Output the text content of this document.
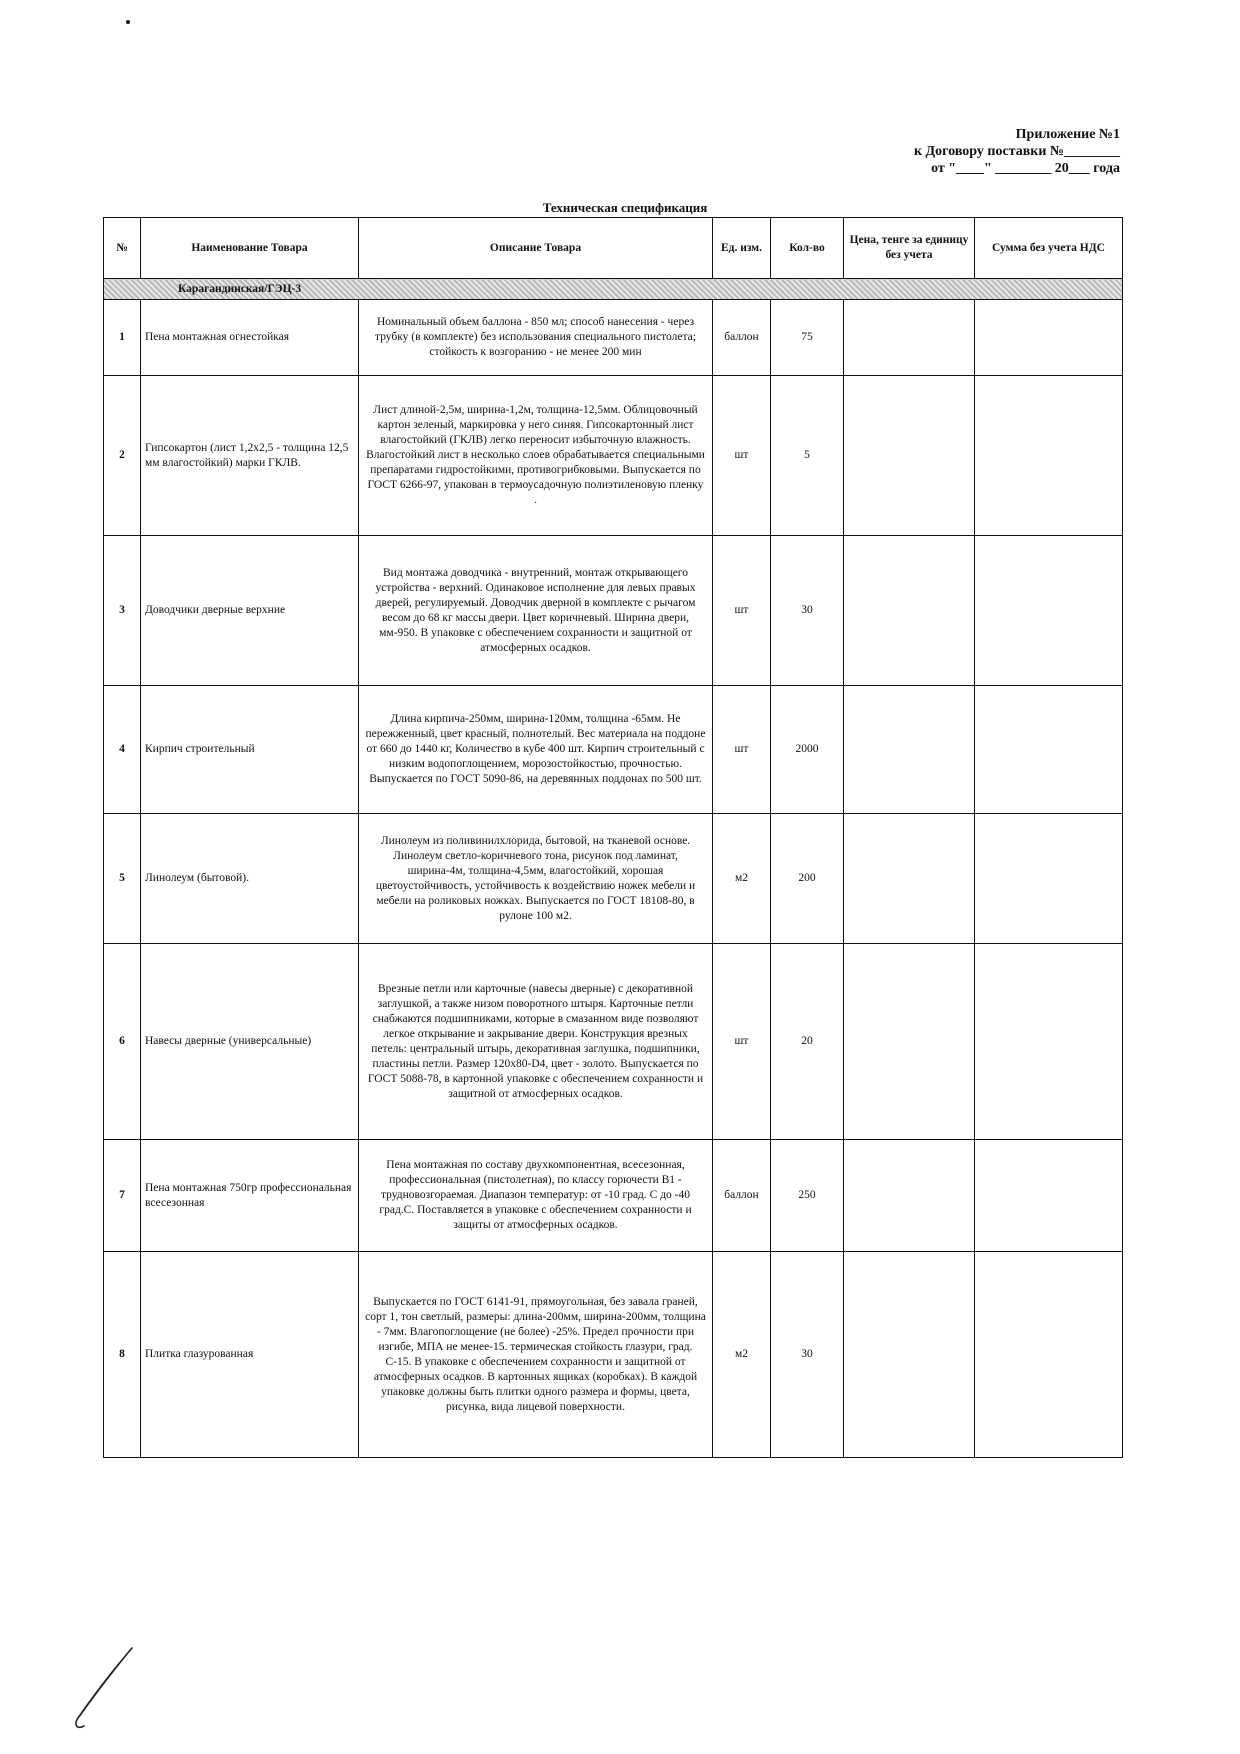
Приложение №1
к Договору поставки №________
от "____" ________ 20___ года
Техническая спецификация
№	Наименование Товара	Описание Товара	Ед. изм.	Кол-во	Цена, тенге за единицу без учета	Сумма без учета НДС
Карагандинская/ГЭЦ-3						
1	Пена монтажная огнестойкая	Номинальный объем баллона - 850 мл; способ нанесения - через трубку (в комплекте) без использования специального пистолета; стойкость к возгоранию - не менее 200 мин	баллон	75		
2	Гипсокартон (лист 1,2х2,5 - толщина 12,5 мм влагостойкий) марки ГКЛВ.	Лист длиной-2,5м, ширина-1,2м, толщина-12,5мм. Облицовочный картон зеленый, маркировка у него синяя. Гипсокартонный лист влагостойкий (ГКЛВ) легко переносит избыточную влажность. Влагостойкий лист в несколько слоев обрабатывается специальными препаратами гидростойкими, противогрибковыми. Выпускается по ГОСТ 6266-97, упакован в термоусадочную полиэтиленовую пленку .	шт	5		
3	Доводчики дверные верхние	Вид монтажа доводчика - внутренний, монтаж открывающего устройства - верхний. Одинаковое исполнение для левых правых дверей, регулируемый. Доводчик дверной в комплекте с рычагом весом до 68 кг массы двери. Цвет коричневый. Ширина двери, мм-950. В упаковке с обеспечением сохранности и защитной от атмосферных осадков.	шт	30		
4	Кирпич строительный	Длина кирпича-250мм, ширина-120мм, толщина -65мм. Не пережженный, цвет красный, полнотелый. Вес материала на поддоне от 660 до 1440 кг, Количество в кубе 400 шт. Кирпич строительный с низким водопоглощением, морозостойкостью, прочностью. Выпускается по ГОСТ 5090-86, на деревянных поддонах по 500 шт.	шт	2000		
5	Линолеум (бытовой).	Линолеум из поливинилхлорида, бытовой, на тканевой основе. Линолеум светло-коричневого тона, рисунок под ламинат, ширина-4м, толщина-4,5мм, влагостойкий, хорошая цветоустойчивость, устойчивость к воздействию ножек мебели и мебели на роликовых ножках. Выпускается по ГОСТ 18108-80, в рулоне 100 м2.	м2	200		
6	Навесы дверные (универсальные)	Врезные петли или карточные (навесы дверные) с декоративной заглушкой, а также низом поворотного штыря. Карточные петли снабжаются подшипниками, которые в смазанном виде позволяют легкое открывание и закрывание двери. Конструкция врезных петель: центральный штырь, декоративная заглушка, подшипники, пластины петли. Размер 120х80-D4, цвет - золото. Выпускается по ГОСТ 5088-78, в картонной упаковке с обеспечением сохранности и защитной от атмосферных осадков.	шт	20		
7	Пена монтажная 750гр профессиональная всесезонная	Пена монтажная по составу двухкомпонентная, всесезонная, профессиональная (пистолетная), по классу горючести В1 - трудновозгораемая. Диапазон температур: от -10 град. С до -40 град.С. Поставляется в упаковке с обеспечением сохранности и защиты от атмосферных осадков.	баллон	250		
8	Плитка глазурованная	Выпускается по ГОСТ 6141-91, прямоугольная, без завала граней, сорт 1, тон светлый, размеры: длина-200мм, ширина-200мм, толщина - 7мм. Влагопоглощение (не более) -25%. Предел прочности при изгибе, МПА не менее-15. термическая стойкость глазури, град. С-15. В упаковке с обеспечением сохранности и защитной от атмосферных осадков. В картонных ящиках (коробках). В каждой упаковке должны быть плитки одного размера и формы, цвета, рисунка, вида лицевой поверхности.	м2	30		
